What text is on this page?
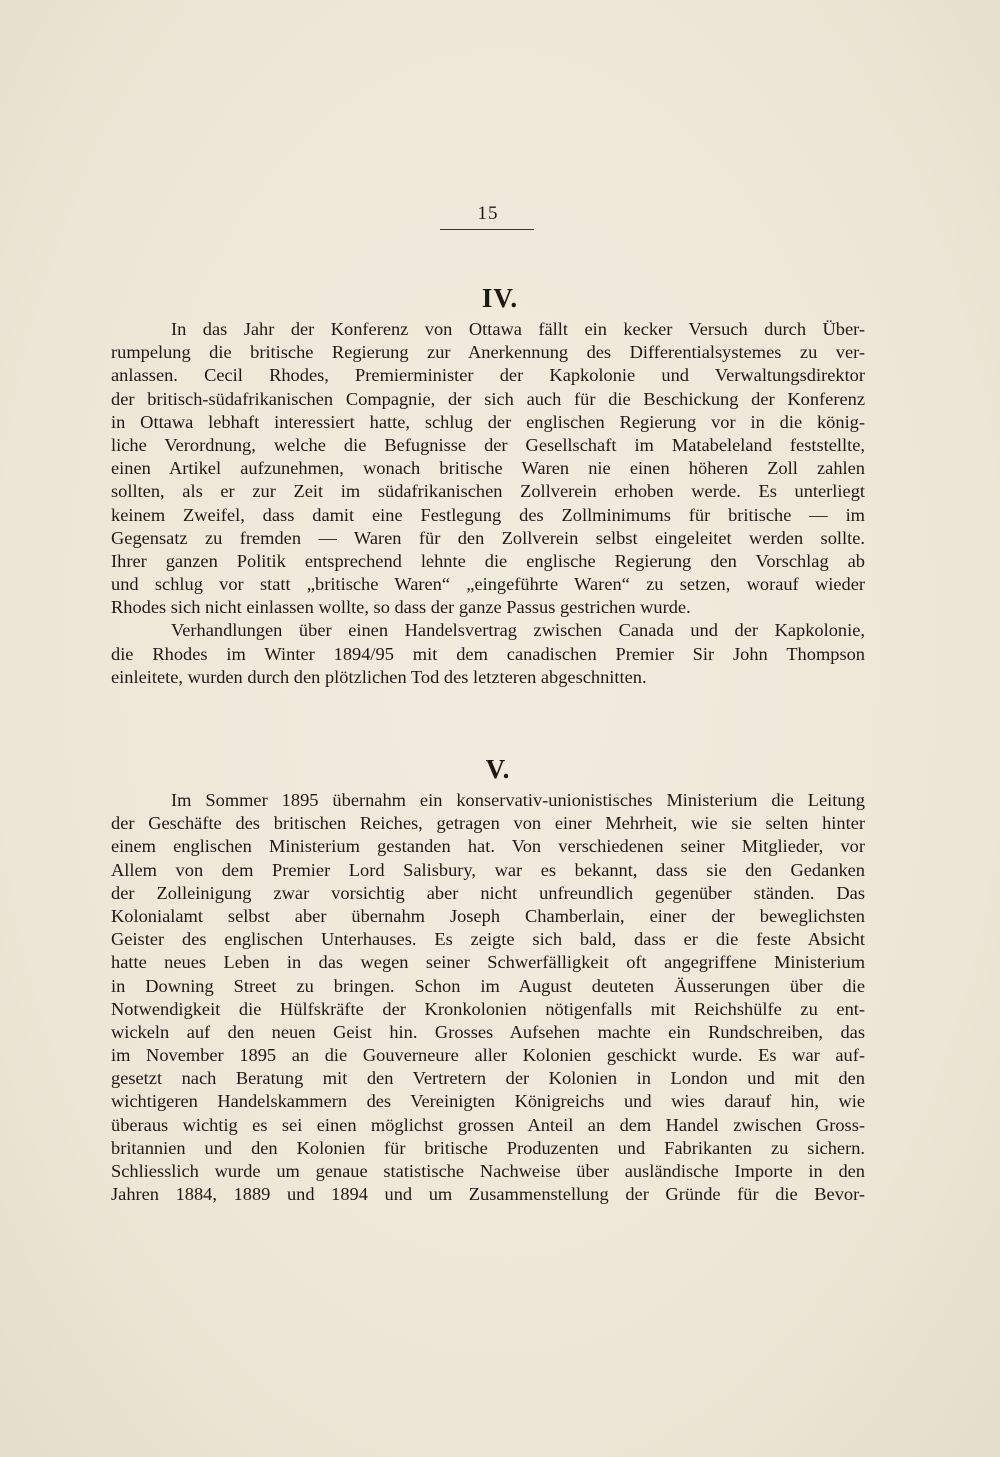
15
IV.
In das Jahr der Konferenz von Ottawa fällt ein kecker Versuch durch Über-
rumpelung die britische Regierung zur Anerkennung des Differentialsystemes zu ver-
anlassen. Cecil Rhodes, Premierminister der Kapkolonie und Verwaltungsdirektor
der britisch-südafrikanischen Compagnie, der sich auch für die Beschickung der Konferenz
in Ottawa lebhaft interessiert hatte, schlug der englischen Regierung vor in die könig-
liche Verordnung, welche die Befugnisse der Gesellschaft im Matabeleland feststellte,
einen Artikel aufzunehmen, wonach britische Waren nie einen höheren Zoll zahlen
sollten, als er zur Zeit im südafrikanischen Zollverein erhoben werde. Es unterliegt
keinem Zweifel, dass damit eine Festlegung des Zollminimums für britische — im
Gegensatz zu fremden — Waren für den Zollverein selbst eingeleitet werden sollte.
Ihrer ganzen Politik entsprechend lehnte die englische Regierung den Vorschlag ab
und schlug vor statt „britische Waren“ „eingeführte Waren“ zu setzen, worauf wieder
Rhodes sich nicht einlassen wollte, so dass der ganze Passus gestrichen wurde.
Verhandlungen über einen Handelsvertrag zwischen Canada und der Kapkolonie,
die Rhodes im Winter 1894/95 mit dem canadischen Premier Sir John Thompson
einleitete, wurden durch den plötzlichen Tod des letzteren abgeschnitten.
V.
Im Sommer 1895 übernahm ein konservativ-unionistisches Ministerium die Leitung
der Geschäfte des britischen Reiches, getragen von einer Mehrheit, wie sie selten hinter
einem englischen Ministerium gestanden hat. Von verschiedenen seiner Mitglieder, vor
Allem von dem Premier Lord Salisbury, war es bekannt, dass sie den Gedanken
der Zolleinigung zwar vorsichtig aber nicht unfreundlich gegenüber ständen. Das
Kolonialamt selbst aber übernahm Joseph Chamberlain, einer der beweglichsten
Geister des englischen Unterhauses. Es zeigte sich bald, dass er die feste Absicht
hatte neues Leben in das wegen seiner Schwerfälligkeit oft angegriffene Ministerium
in Downing Street zu bringen. Schon im August deuteten Äusserungen über die
Notwendigkeit die Hülfskräfte der Kronkolonien nötigenfalls mit Reichshülfe zu ent-
wickeln auf den neuen Geist hin. Grosses Aufsehen machte ein Rundschreiben, das
im November 1895 an die Gouverneure aller Kolonien geschickt wurde. Es war auf-
gesetzt nach Beratung mit den Vertretern der Kolonien in London und mit den
wichtigeren Handelskammern des Vereinigten Königreichs und wies darauf hin, wie
überaus wichtig es sei einen möglichst grossen Anteil an dem Handel zwischen Gross-
britannien und den Kolonien für britische Produzenten und Fabrikanten zu sichern.
Schliesslich wurde um genaue statistische Nachweise über ausländische Importe in den
Jahren 1884, 1889 und 1894 und um Zusammenstellung der Gründe für die Bevor-
